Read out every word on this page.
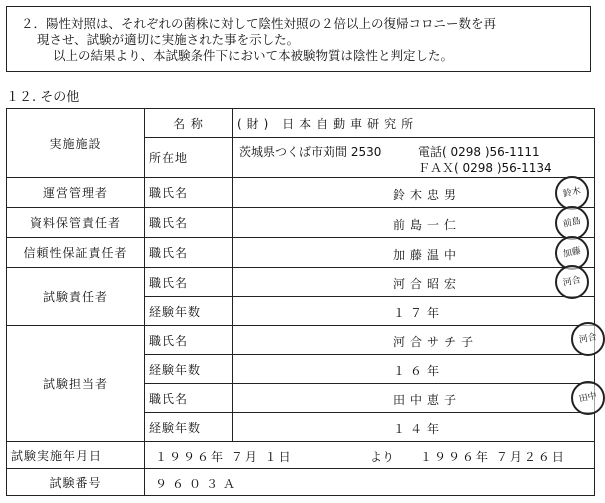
２．陽性対照は、それぞれの菌株に対して陰性対照の２倍以上の復帰コロニー数を再
現させ、試験が適切に実施された事を示した。
以上の結果より、本試験条件下において本被験物質は陰性と判定した。
１２. その他
実施施設	名 称	(財) 日本自動車研究所
	所在地	茨城県つくば市苅間 2530 電話( 0298 )56-1111
ＦＡＸ( 0298 )56-1134

運営管理者	職氏名	鈴木忠男 鈴木

資料保管責任者	職氏名	前島一仁 前島

信頼性保証責任者	職氏名	加藤温中 加藤

試験責任者	職氏名	河合昭宏 河合

	経験年数	１７年

試験担当者	職氏名	河合サチ子 河合

	経験年数	１６年

	職氏名	田中恵子 田中

	経験年数	１４年

試験実施年月日	１９９６年 ７月 １日 より １９９６年 ７月２６日	

試験番号	９６０３Ａ	
